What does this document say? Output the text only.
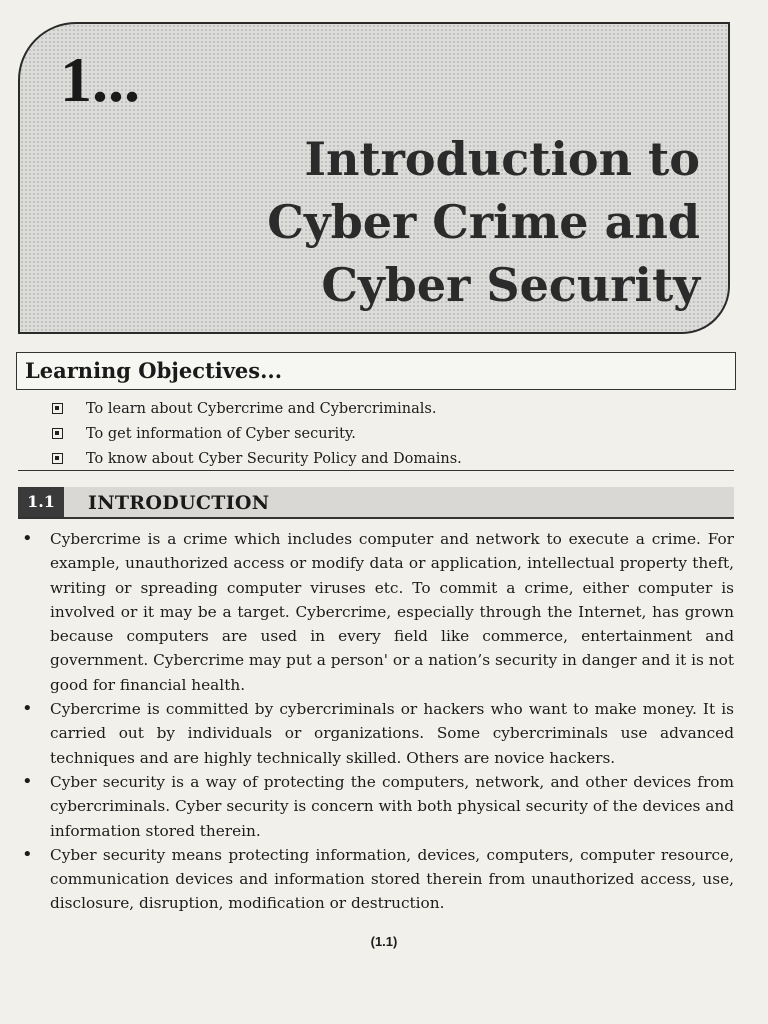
1...
Introduction to Cyber Crime and Cyber Security
Learning Objectives...
To learn about Cybercrime and Cybercriminals.
To get information of Cyber security.
To know about Cyber Security Policy and Domains.
1.1	INTRODUCTION
• Cybercrime is a crime which includes computer and network to execute a crime. For example, unauthorized access or modify data or application, intellectual property theft, writing or spreading computer viruses etc. To commit a crime, either computer is involved or it may be a target. Cybercrime, especially through the Internet, has grown because computers are used in every field like commerce, entertainment and government. Cybercrime may put a person' or a nation’s security in danger and it is not good for financial health.
• Cybercrime is committed by cybercriminals or hackers who want to make money. It is carried out by individuals or organizations. Some cybercriminals use advanced techniques and are highly technically skilled. Others are novice hackers.
• Cyber security is a way of protecting the computers, network, and other devices from cybercriminals. Cyber security is concern with both physical security of the devices and information stored therein.
• Cyber security means protecting information, devices, computers, computer resource, communication devices and information stored therein from unauthorized access, use, disclosure, disruption, modification or destruction.
(1.1)
